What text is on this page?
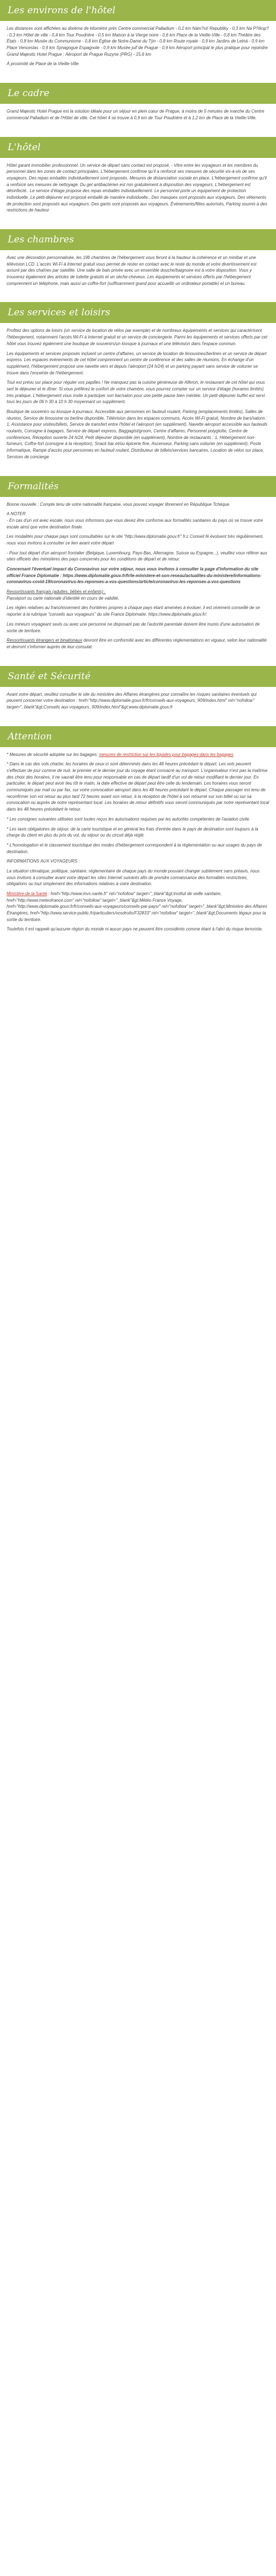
Les environs de l'hôtel

Les distances sont affichées au dixième de kilomètre près Centre commercial Palladium - 0,2 km Nám?stí Republiky - 0,3 km Na P?íkop? - 0,3 km Hôtel de ville - 0,4 km Tour Poudrière - 0,5 km Maison à la Vierge noire - 0,6 km Place de la Vieille-Ville - 0,8 km Théâtre des États - 0,8 km Musée du Communisme - 0,8 km Église de Notre-Dame du Týn - 0,8 km Route royale - 0,9 km Jardins de Letná - 0,9 km Place Venceslas - 0,9 km Synagogue Espagnole - 0,9 km Musée juif de Prague - 0,9 km Aéroport principal le plus pratique pour rejoindre Grand Majestic Hotel Prague : Aéroport de Prague Ruzyne (PRG) - 15,6 km

À proximité de Place de la Vieille-Ville

Le cadre

Grand Majestic Hotel Prague est la solution idéale pour un séjour en plein cœur de Prague, à moins de 5 minutes de marche du Centre commercial Palladium et de l'Hôtel de ville. Cet hôtel 4 se trouve à 0,9 km de Tour Poudrière et à 1,2 km de Place de la Vieille-Ville.

L'hôtel

Hôtel garant immobilier professionnel. Un service de départ sans contact est proposé. - Vitre entre les voyageurs et les membres du personnel dans les zones de contact principales. L'hébergement confirme qu'il a renforcé ses mesures de sécurité vis-à-vis de ses voyageurs. Des repas emballés individuellement sont proposés. Mesures de distanciation sociale en place. L'hébergement confirme qu'il a renforcé ses mesures de nettoyage. Du gel antibactérien est mis gratuitement à disposition des voyageurs. L'hébergement est désinfecté.. Le service d'étage propose des repas emballés individuellement. Le personnel porte un équipement de protection individuelle. Le petit-déjeuner est proposé emballé de manière individuelle.. Des masques sont proposés aux voyageurs. Des vêtements de protection sont proposés aux voyageurs. Des gants sont proposés aux voyageurs. Événements/fêtes autorisés, Parking soumis à des restrictions de hauteur

Les chambres

Avec une décoration personnalisée, les 196 chambres de l'hébergement vous feront à la hauteur la cohérence et un minibar et une télévision LCD. L'accès Wi-Fi à Internet gratuit vous permet de rester en contact avec le reste du monde et votre divertissement est assuré par des chaînes par satellite. Une salle de bain privée avec un ensemble douche/baignoire est à votre disposition. Vous y trouverez également des articles de toilette gratuits et un sèche-cheveux. Les équipements et services offerts par l'hébergement comprennent un téléphone, mais aussi un coffre-fort (suffisamment grand pour accueillir un ordinateur portable) et un bureau.

Les services et loisirs

Profitez des options de loisirs (un service de location de vélos par exemple) et de nombreux équipements et services qui caractérisent l'hébergement, notamment l'accès Wi-Fi à Internet gratuit et un service de conciergerie. Parmi les équipements et services offerts par cet hôtel vous trouvez également une boutique de souvenirs/un kiosque à journaux et une télévision dans l'espace commun.

Les équipements et services proposés incluent un centre d'affaires, un service de location de limousines/berlines et un service de départ express. Les espaces événements de cet hôtel comprennent un centre de conférence et des salles de réunions. En échange d'un supplément, l'hébergement propose une navette vers et depuis l'aéroport (24 h/24) et un parking payant sans service de voiturier se trouve dans l'enceinte de l'hébergement.

Tout est prévu sur place pour réguler vos papilles ! Ne manquez pas la cuisine généreuse de Alferon, le restaurant de cet hôtel qui vous sert le déjeuner et le dîner. Si vous préférez le confort de votre chambre, vous pourrez compter sur un service d'étage (horaires limités) très pratique. L'hébergement vous invite à participer son bar/salon pour une petite pause bien méritée. Un petit-déjeuner buffet est servi tous les jours de 06 h 30 à 10 h 30 moyennant un supplément.

Boutique de souvenirs ou kiosque à journaux, Accessible aux personnes en fauteuil roulant, Parking (emplacements limités), Salles de réunion, Service de limousine ou berline disponible, Télévision dans les espaces communs, Accès Wi-Fi gratuit, Nombre de bars/salons : 1, Assistance pour visites/billets, Service de transfert entre l'hôtel et l'aéroport (en supplément), Navette aéroport accessible aux fauteuils roulants, Consigne à bagages, Service de départ express, Baggagist/groom, Centre d'affaires, Personnel polyglotte, Centre de conférences, Réception ouverte 24 h/24, Petit déjeuner disponible (en supplément), Nombre de restaurants : 1, Hébergement non-fumeurs, Coffre-fort (consigne à la réception), Snack bar et/ou épicerie fine, Ascenseur, Parking sans voiturier (en supplément), Poste informatique, Rampe d'accès pour personnes en fauteuil roulant, Distributeur de billets/services bancaires, Location de vélos sur place, Services de concierge

Formalités

Bonne nouvelle : Compte tenu de votre nationalité française, vous pouvez voyager librement en République Tchèque.

A NOTER
- En cas d'un vol avec escale, nous vous informons que vous devez être conforme aux formalités sanitaires du pays où se trouve votre escale ainsi que votre destination finale.

Les modalités pour chaque pays sont consultables sur le site "http://www.diplomatie.gouv.fr" fr.c Conseil fé évoluent très régulièrement, nous vous invitons à consulter ce lien avant votre départ

- Pour tout départ d'un aéroport frontalier (Belgique, Luxembourg, Pays-Bas, Allemagne, Suisse ou Espagne...), veuillez vous référer aux sites officiels des ministères des pays concernés pour les conditions de départ et de retour.

Concernant l'éventuel impact du Coronavirus sur votre séjour, nous vous invitons à consulter la page d'information du site officiel France Diplomatie : https://www.diplomatie.gouv.fr/fr/le-ministere-et-son-reseau/actualites-du-ministere/informations-coronavirus-covid-19/coronavirus-les-reponses-a-vos-questions/article/coronavirus-les-reponses-a-vos-questions

Ressortissants français (adultes, bébés et enfants) :
Passeport ou carte nationale d'identité en cours de validité.

Les règles relatives au franchissement des frontières propres à chaque pays étant amenées à évoluer, il est vivement conseillé de se reporter à la rubrique "conseils aux voyageurs" du site France Diplomatie, https://www.diplomatie.gouv.fr/.

Les mineurs voyageant seuls ou avec une personne ne disposant pas de l'autorité parentale doivent être munis d'une autorisation de sortie de territoire.

Ressortissants étrangers et binationaux devront être en conformité avec les différentes réglementations en vigueur, selon leur nationalité et devront s'informer auprès de leur consulat.

Santé et Sécurité

Avant votre départ, veuillez consulter le site du ministère des Affaires étrangères pour connaître les risques sanitaires éventuels qui peuvent concerner votre destination : href="http://www.diplomatie.gouv.fr/fr/conseils-aux-voyageurs_909/index.html" rel="nofollow" target="_blank"&gt;Conseils aux voyageurs_909/index.html"&gt;www.diplomatie.gouv.fr

Attention

* Mesures de sécurité adoptée sur les bagages: mesures de restriction sur les liquides pour bagages dans les bagages

* Dans le cas des vols charter, les horaires de ceux-ci sont déterminés dans les 48 heures précédant le départ. Les vols peuvent s'effectuer de jour comme de nuit, le premier et le dernier jour du voyage étant consacré au transport. L'organisateur n'est pas la maîtrise des choix des horaires, il ne saurait être tenu pour responsable en cas de départ tardif d'un vol de retour modifiant le dernier jour. En particulier, le départ peut avoir lieu tôt le matin, la date effective de départ peut être celle du lendemain. Les horaires vous seront communiqués par mail ou par fax, sur votre convocation aéroport dans les 48 heures précédant le départ. Chaque passager est tenu de reconfirmer son vol retour au plus tard 72 heures avant son retour, à la réception de l'hôtel à son retourné sur son billet ou sur sa convocation ou auprès de notre représentant local. Les horaires de retour définitifs vous seront communiqués par notre représentant local dans les 48 heures précédant le retour.

* Les consignes suivantes utilisées sont toutes reçus les autorisations requises par les autorités compétentes de l'aviation civile.

* Les taxis obligatoires de séjour, de la carte touristique et en général les frais d'entrée dans le pays de destination sont toujours à la charge du client en plus du prix du vol, du séjour ou du circuit déjà réglé.

* L'homologation et le classement touristique des modes d'hébergement correspondent à la réglementation ou aux usages du pays de destination.

INFORMATIONS AUX VOYAGEURS :

La situation climatique, politique, sanitaire, réglementaire de chaque pays du monde pouvant changer subitement sans préavis, nous vous invitons à consulter avant votre départ les sites Internet suivants afin de prendre connaissance des formalités restrictives, obligations ou tout simplement des informations relatives à votre destination.

Ministère de la Santé : href="http://www.invs.sante.fr" rel="nofollow" target="_blank"&gt;Institut de veille sanitaire, href="http://www.meteofrance.com" rel="nofollow" target="_blank"&gt;Météo France Voyage, href="http://www.diplomatie.gouv.fr/fr/conseils-aux-voyageurs/conseils-par-pays/" rel="nofollow" target="_blank"&gt;Ministère des Affaires Étrangères, href="http://www.service-public.fr/particuliers/vosdroits/F32833" rel="nofollow" target="_blank"&gt;Documents légaux pour la sortie du territoire.

Toutefois il est rappelé qu'aucune région du monde ni aucun pays ne peuvent être considérés comme étant à l'abri du risque terroriste.
